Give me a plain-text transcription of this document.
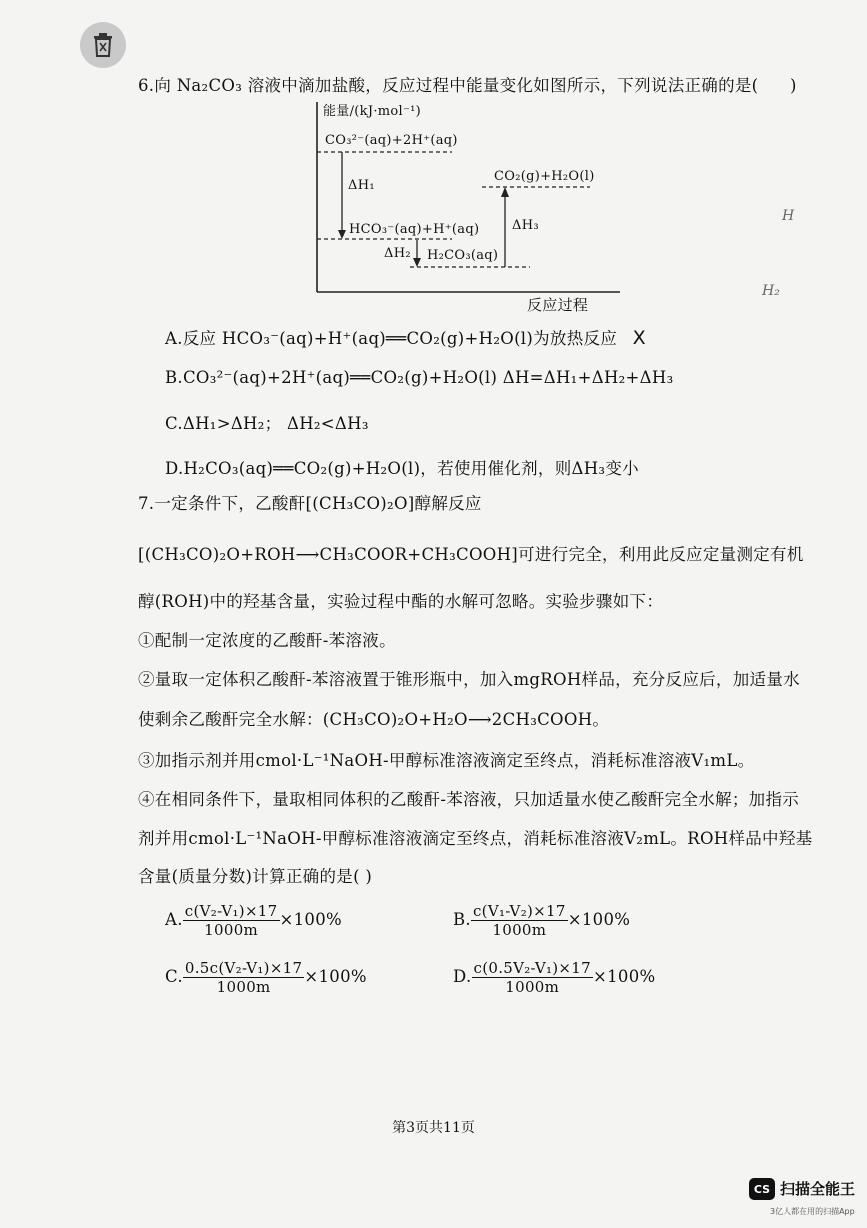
6.向 Na₂CO₃ 溶液中滴加盐酸，反应过程中能量变化如图所示，下列说法正确的是( )
能量/(kJ·mol⁻¹)
CO₃²⁻(aq)+2H⁺(aq)
ΔH₁
HCO₃⁻(aq)+H⁺(aq)
ΔH₂ H₂CO₃(aq)
CO₂(g)+H₂O(l)
ΔH₃
反应过程
H
H₂
A.反应 HCO₃⁻(aq)+H⁺(aq)══CO₂(g)+H₂O(l)为放热反应 X
B.CO₃²⁻(aq)+2H⁺(aq)══CO₂(g)+H₂O(l) ΔH=ΔH₁+ΔH₂+ΔH₃
C.ΔH₁>ΔH₂； ΔH₂<ΔH₃
D.H₂CO₃(aq)══CO₂(g)+H₂O(l)，若使用催化剂，则ΔH₃变小
7.一定条件下，乙酸酐[(CH₃CO)₂O]醇解反应
[(CH₃CO)₂O+ROH⟶CH₃COOR+CH₃COOH]可进行完全，利用此反应定量测定有机
醇(ROH)中的羟基含量，实验过程中酯的水解可忽略。实验步骤如下：
①配制一定浓度的乙酸酐-苯溶液。
②量取一定体积乙酸酐-苯溶液置于锥形瓶中，加入mgROH样品，充分反应后，加适量水
使剩余乙酸酐完全水解：(CH₃CO)₂O+H₂O⟶2CH₃COOH。
③加指示剂并用cmol·L⁻¹NaOH-甲醇标准溶液滴定至终点，消耗标准溶液V₁mL。
④在相同条件下，量取相同体积的乙酸酐-苯溶液，只加适量水使乙酸酐完全水解；加指示
剂并用cmol·L⁻¹NaOH-甲醇标准溶液滴定至终点，消耗标准溶液V₂mL。ROH样品中羟基
含量(质量分数)计算正确的是( )
A. $\frac{\text{c(V₂-V₁)×17}}{1000m} \times 100\%$	B. $\frac{\text{c(V₁-V₂)×17}}{1000m} \times 100\%$
C. $\frac{\text{0.5c(V₂-V₁)×17}}{1000m} \times 100\%$	D. $\frac{\text{c(0.5V₂-V₁)×17}}{1000m} \times 100\%$
第3页共11页
CS 扫描全能王
3亿人都在用的扫描App
